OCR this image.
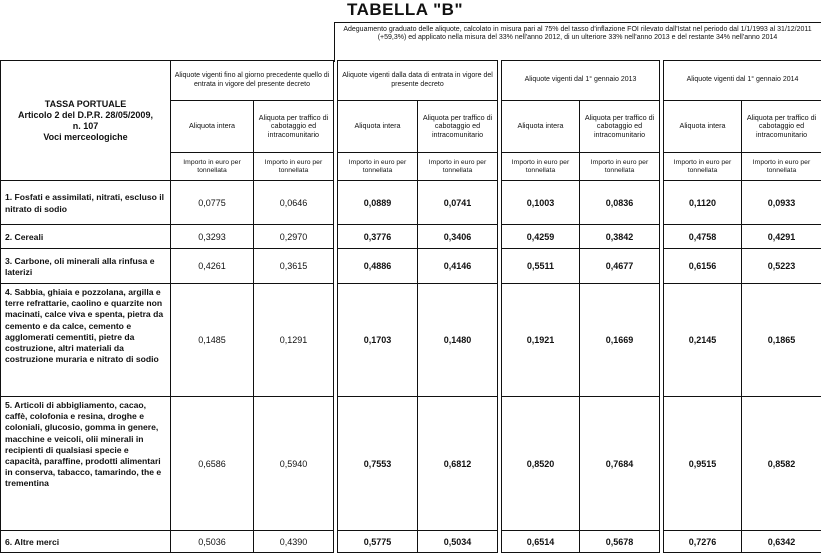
TABELLA "B"
Adeguamento graduato delle aliquote, calcolato in misura pari al 75% del tasso d'inflazione FOI rilevato dall'Istat nel periodo dal 1/1/1993 al 31/12/2011 (+59,3%) ed applicato nella misura del 33% nell'anno 2012, di un ulteriore 33% nell'anno 2013 e del restante 34% nell'anno 2014
TASSA PORTUALE
Articolo 2 del D.P.R. 28/05/2009,
n. 107
Voci merceologiche	Aliquote vigenti fino al giorno precedente quello di entrata in vigore del presente decreto			Aliquote vigenti dalla data di entrata in vigore del presente decreto			Aliquote vigenti dal 1° gennaio 2013			Aliquote vigenti dal 1° gennaio 2014	
	Aliquota intera	Aliquota per traffico di cabotaggio ed intracomunitario		Aliquota intera	Aliquota per traffico di cabotaggio ed intracomunitario		Aliquota intera	Aliquota per traffico di cabotaggio ed intracomunitario		Aliquota intera	Aliquota per traffico di cabotaggio ed intracomunitario
	Importo in euro per tonnellata	Importo in euro per tonnellata		Importo in euro per tonnellata	Importo in euro per tonnellata		Importo in euro per tonnellata	Importo in euro per tonnellata		Importo in euro per tonnellata	Importo in euro per tonnellata
1. Fosfati e assimilati, nitrati, escluso il nitrato di sodio	0,0775	0,0646		0,0889	0,0741		0,1003	0,0836		0,1120	0,0933
2. Cereali	0,3293	0,2970		0,3776	0,3406		0,4259	0,3842		0,4758	0,4291
3. Carbone, oli minerali alla rinfusa e laterizi	0,4261	0,3615		0,4886	0,4146		0,5511	0,4677		0,6156	0,5223
4. Sabbia, ghiaia e pozzolana, argilla e terre refrattarie, caolino e quarzite non macinati, calce viva e spenta, pietra da cemento e da calce, cemento e agglomerati cementiti, pietre da costruzione, altri materiali da costruzione muraria e nitrato di sodio	0,1485	0,1291		0,1703	0,1480		0,1921	0,1669		0,2145	0,1865
5. Articoli di abbigliamento, cacao, caffè, colofonia e resina, droghe e coloniali, glucosio, gomma in genere, macchine e veicoli, olii minerali in recipienti di qualsiasi specie e capacità, paraffine, prodotti alimentari in conserva, tabacco, tamarindo, the e trementina	0,6586	0,5940		0,7553	0,6812		0,8520	0,7684		0,9515	0,8582
6. Altre merci	0,5036	0,4390		0,5775	0,5034		0,6514	0,5678		0,7276	0,6342
